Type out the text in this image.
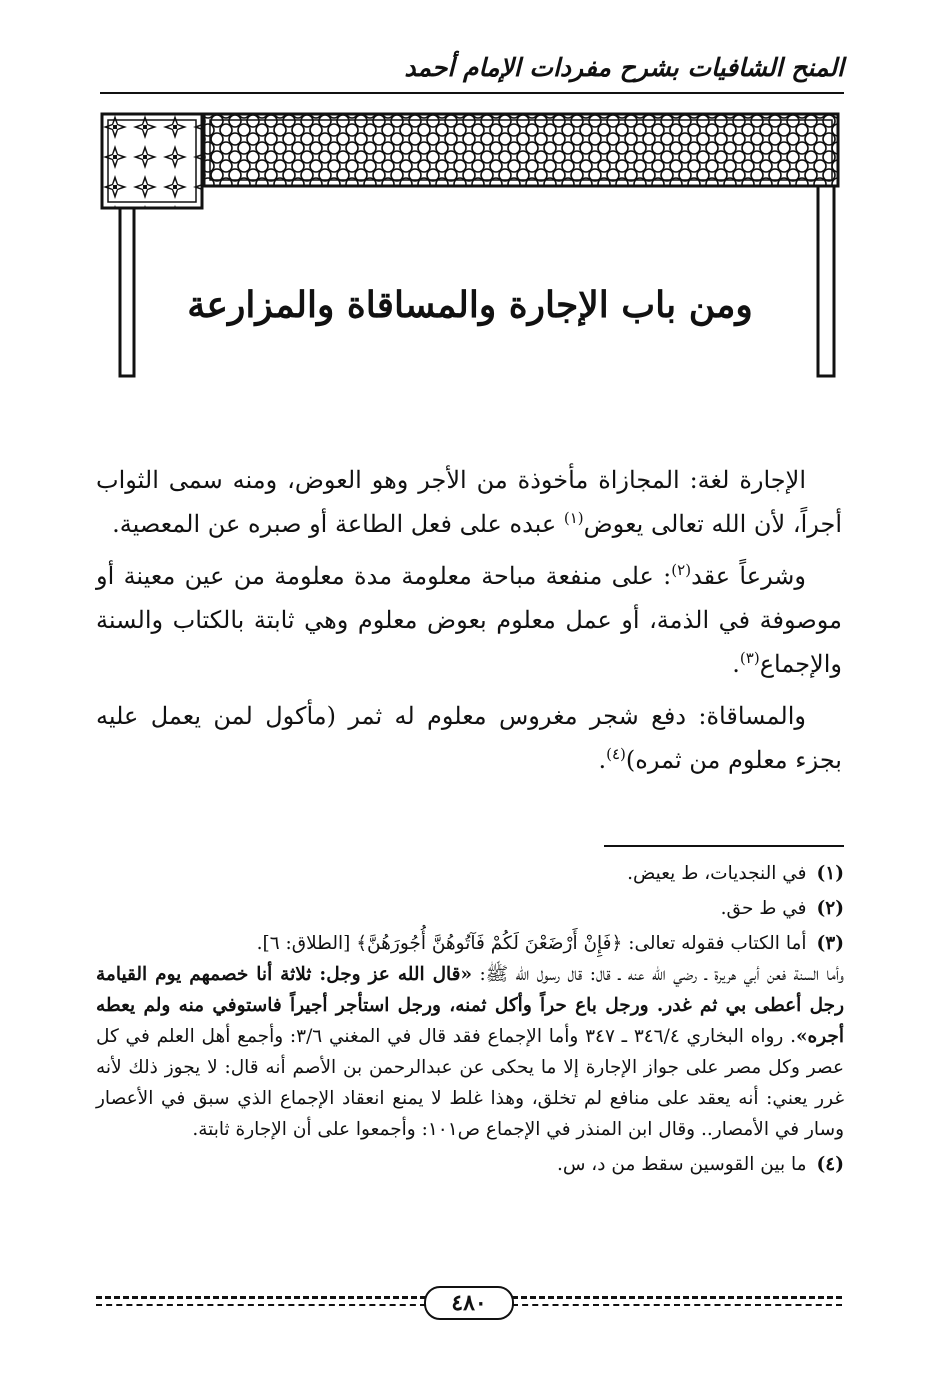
المنح الشافيات بشرح مفردات الإمام أحمد
ومن باب الإجارة والمساقاة والمزارعة

الإجارة لغة: المجازاة مأخوذة من الأجر وهو العوض، ومنه سمى الثواب أجراً، لأن الله تعالى يعوض$^{(١)}$ عبده على فعل الطاعة أو صبره عن المعصية.

وشرعاً عقد$^{(٢)}$: على منفعة مباحة معلومة مدة معلومة من عين معينة أو موصوفة في الذمة، أو عمل معلوم بعوض معلوم وهي ثابتة بالكتاب والسنة والإجماع$^{(٣)}$.

والمساقاة: دفع شجر مغروس معلوم له ثمر (مأكول لمن يعمل عليه بجزء معلوم من ثمره)$^{(٤)}$.

(١)في النجديات، ط يعيض.
(٢)في ط حق.
(٣)أما الكتاب فقوله تعالى: ﴿فَإِنْ أَرْضَعْنَ لَكُمْ فَآتُوهُنَّ أُجُورَهُنَّ﴾ [الطلاق: ٦].

وأما السنة فعن أبي هريرة ـ رضي الله عنه ـ قال: قال رسول الله ﷺ: «قال الله عز وجل: ثلاثة أنا خصمهم يوم القيامة رجل أعطى بي ثم غدر. ورجل باع حراً وأكل ثمنه، ورجل استأجر أجيراً فاستوفي منه ولم يعطه أجره». رواه البخاري ٣٤٦/٤ ـ ٣٤٧ وأما الإجماع فقد قال في المغني ٣/٦: وأجمع أهل العلم في كل عصر وكل مصر على جواز الإجارة إلا ما يحكى عن عبدالرحمن بن الأصم أنه قال: لا يجوز ذلك لأنه غرر يعني: أنه يعقد على منافع لم تخلق، وهذا غلط لا يمنع انعقاد الإجماع الذي سبق في الأعصار وسار في الأمصار.. وقال ابن المنذر في الإجماع ص١٠١: وأجمعوا على أن الإجارة ثابتة.

(٤)ما بين القوسين سقط من د، س.
٤٨٠
